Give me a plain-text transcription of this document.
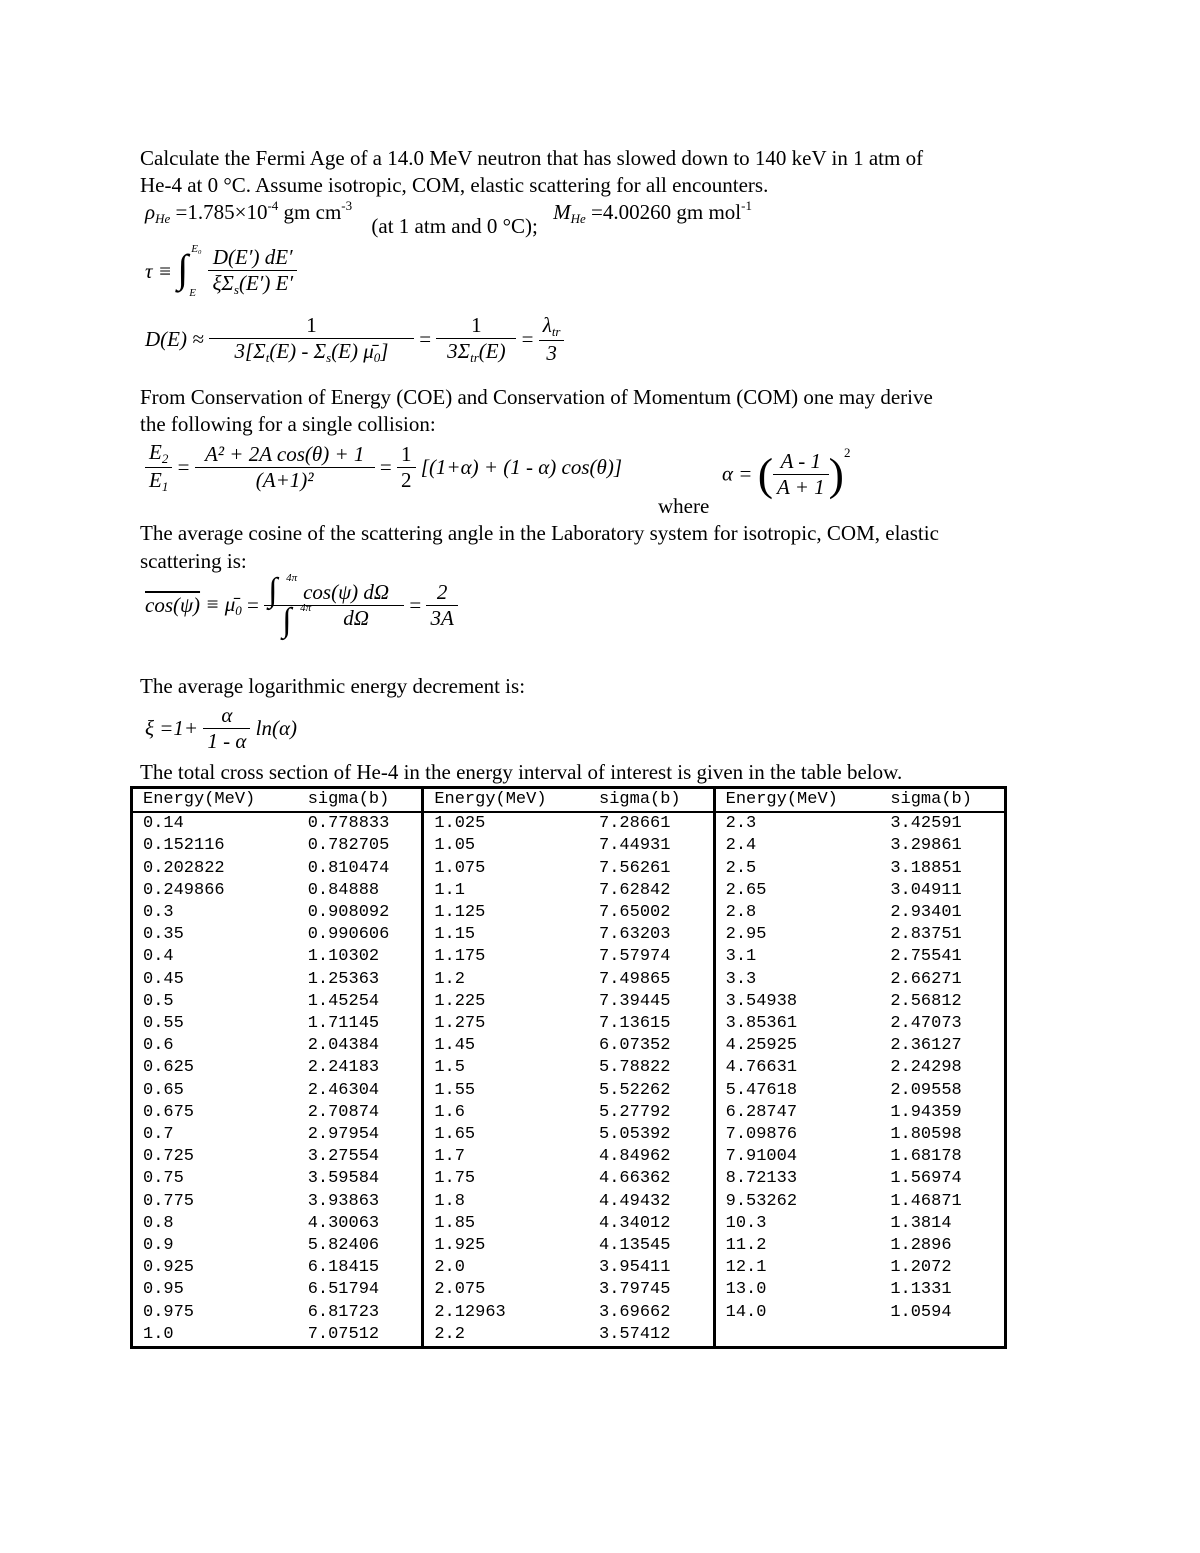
Calculate the Fermi Age of a 14.0 MeV neutron that has slowed down to 140 keV in 1 atm of
He-4 at 0 °C. Assume isotropic, COM, elastic scattering for all encounters.
$\rho_{He} =1.785\times 10^{-4}$ gm $cm^{-3}$ (at 1 atm and 0 °C); $M_{He} =4.00260$ gm mol$^{-1}$
τ ≡ ∫ E₀
E
$\frac{D(E') dE'}{\xi\Sigma_s(E') E'}$
$D(E) \approx \frac{1}{3[\Sigma_t(E) - \Sigma_s(E) \mū_0]} = \frac{1}{3\Sigma_{tr}(E)} = \frac{\lambda_{tr}}{3}$
From Conservation of Energy (COE) and Conservation of Momentum (COM) one may derive
the following for a single collision:
$\frac{E_2}{E_1} = \frac{\text{A² + 2A cos(θ) + 1}}{\text{(A+1)²}} = \frac{1}{2} [(1+\alpha) + (1 - \alpha)$ cos(θ)]
where
α = ( $\frac{A - 1}{A + 1} )^2$
The average cosine of the scattering angle in the Laboratory system for isotropic, COM, elastic
scattering is:
$\cos(\psi) \equiv \mū_0$ = ∫ 4π
cos(ψ) dΩ
∫ 4π $d\Omega = \frac{2}{3A}$
The average logarithmic energy decrement is:
$\xi =1+ \frac{\alpha}{1 - \alpha} \ln(\alpha)$
The total cross section of He-4 in the energy interval of interest is given in the table below.
Energy(MeV)	sigma(b)	Energy(MeV)	sigma(b)	Energy(MeV)	sigma(b)
0.14	0.778833	1.025	7.28661	2.3	3.42591
0.152116	0.782705	1.05	7.44931	2.4	3.29861
0.202822	0.810474	1.075	7.56261	2.5	3.18851
0.249866	0.84888	1.1	7.62842	2.65	3.04911
0.3	0.908092	1.125	7.65002	2.8	2.93401
0.35	0.990606	1.15	7.63203	2.95	2.83751
0.4	1.10302	1.175	7.57974	3.1	2.75541
0.45	1.25363	1.2	7.49865	3.3	2.66271
0.5	1.45254	1.225	7.39445	3.54938	2.56812
0.55	1.71145	1.275	7.13615	3.85361	2.47073
0.6	2.04384	1.45	6.07352	4.25925	2.36127
0.625	2.24183	1.5	5.78822	4.76631	2.24298
0.65	2.46304	1.55	5.52262	5.47618	2.09558
0.675	2.70874	1.6	5.27792	6.28747	1.94359
0.7	2.97954	1.65	5.05392	7.09876	1.80598
0.725	3.27554	1.7	4.84962	7.91004	1.68178
0.75	3.59584	1.75	4.66362	8.72133	1.56974
0.775	3.93863	1.8	4.49432	9.53262	1.46871
0.8	4.30063	1.85	4.34012	10.3	1.3814
0.9	5.82406	1.925	4.13545	11.2	1.2896
0.925	6.18415	2.0	3.95411	12.1	1.2072
0.95	6.51794	2.075	3.79745	13.0	1.1331
0.975	6.81723	2.12963	3.69662	14.0	1.0594
1.0	7.07512	2.2	3.57412		
